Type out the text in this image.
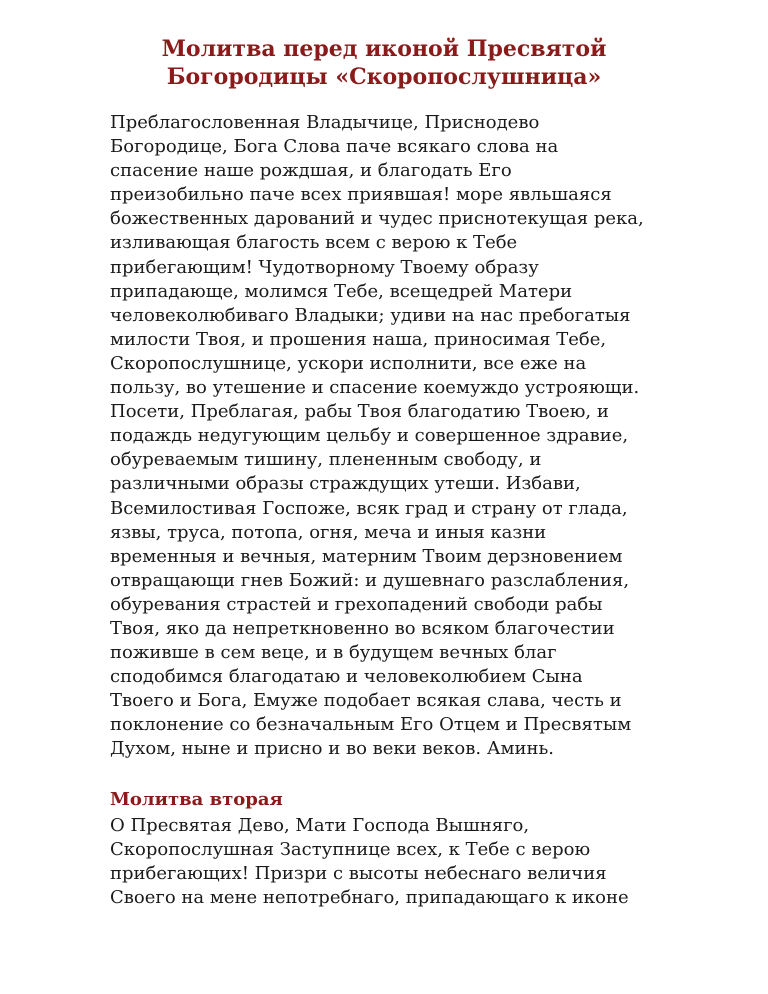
Молитва перед иконой Пресвятой
Богородицы «Скоропослушница»
Преблагословенная Владычице, Приснодево
Богородице, Бога Слова паче всякаго слова на
спасение наше рождшая, и благодать Его
преизобильно паче всех приявшая! море явльшаяся
божественных дарований и чудес приснотекущая река,
изливающая благость всем с верою к Тебе
прибегающим! Чудотворному Твоему образу
припадающе, молимся Тебе, всещедрей Матери
человеколюбиваго Владыки; удиви на нас пребогатыя
милости Твоя, и прошения наша, приносимая Тебе,
Скоропослушнице, ускори исполнити, все еже на
пользу, во утешение и спасение коемуждо устрояющи.
Посети, Преблагая, рабы Твоя благодатию Твоею, и
подаждь недугующим цельбу и совершенное здравие,
обуреваемым тишину, плененным свободу, и
различными образы страждущих утеши. Избави,
Всемилостивая Госпоже, всяк град и страну от глада,
язвы, труса, потопа, огня, меча и иныя казни
временныя и вечныя, матерним Твоим дерзновением
отвращающи гнев Божий: и душевнаго разслабления,
обуревания страстей и грехопадений свободи рабы
Твоя, яко да непреткновенно во всяком благочестии
поживше в сем веце, и в будущем вечных благ
сподобимся благодатаю и человеколюбием Сына
Твоего и Бога, Емуже подобает всякая слава, честь и
поклонение со безначальным Его Отцем и Пресвятым
Духом, ныне и присно и во веки веков. Аминь.
Молитва вторая
О Пресвятая Дево, Мати Господа Вышняго,
Скоропослушная Заступнице всех, к Тебе с верою
прибегающих! Призри с высоты небеснаго величия
Своего на мене непотребнаго, припадающаго к иконе
